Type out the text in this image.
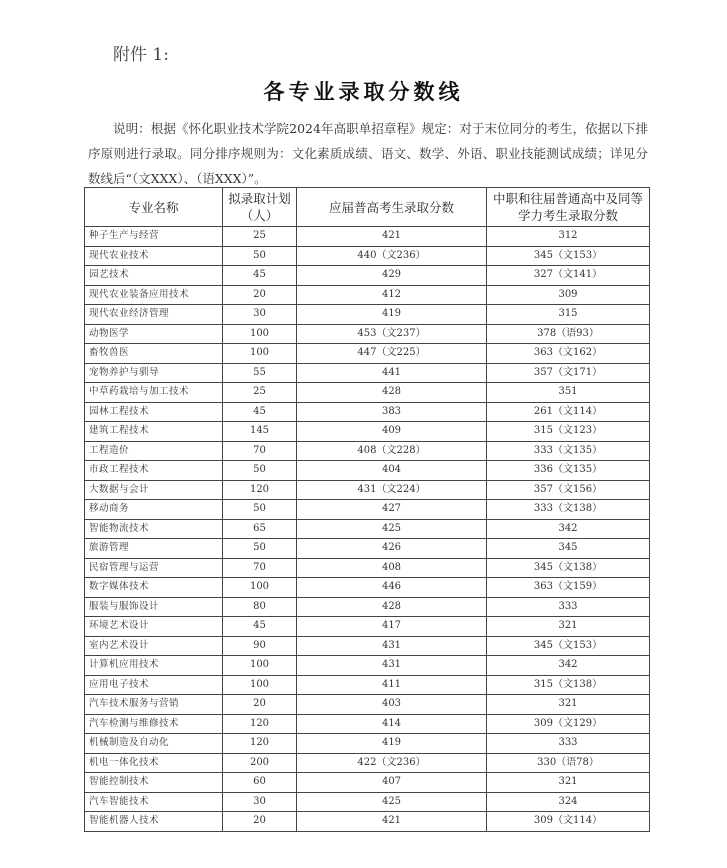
附件 1:
各专业录取分数线
说明：根据《怀化职业技术学院2024年高职单招章程》规定：对于末位同分的考生，依据以下排序原则进行录取。同分排序规则为：文化素质成绩、语文、数学、外语、职业技能测试成绩；详见分数线后“（文XXX）、（语XXX）”。
专业名称	拟录取计划（人）	应届普高考生录取分数	中职和往届普通高中及同等学力考生录取分数
种子生产与经营	25	421	312
现代农业技术	50	440（文236）	345（文153）
园艺技术	45	429	327（文141）
现代农业装备应用技术	20	412	309
现代农业经济管理	30	419	315
动物医学	100	453（文237）	378（语93）
畜牧兽医	100	447（文225）	363（文162）
宠物养护与驯导	55	441	357（文171）
中草药栽培与加工技术	25	428	351
园林工程技术	45	383	261（文114）
建筑工程技术	145	409	315（文123）
工程造价	70	408（文228）	333（文135）
市政工程技术	50	404	336（文135）
大数据与会计	120	431（文224）	357（文156）
移动商务	50	427	333（文138）
智能物流技术	65	425	342
旅游管理	50	426	345
民宿管理与运营	70	408	345（文138）
数字媒体技术	100	446	363（文159）
服装与服饰设计	80	428	333
环境艺术设计	45	417	321
室内艺术设计	90	431	345（文153）
计算机应用技术	100	431	342
应用电子技术	100	411	315（文138）
汽车技术服务与营销	20	403	321
汽车检测与维修技术	120	414	309（文129）
机械制造及自动化	120	419	333
机电一体化技术	200	422（文236）	330（语78）
智能控制技术	60	407	321
汽车智能技术	30	425	324
智能机器人技术	20	421	309（文114）
